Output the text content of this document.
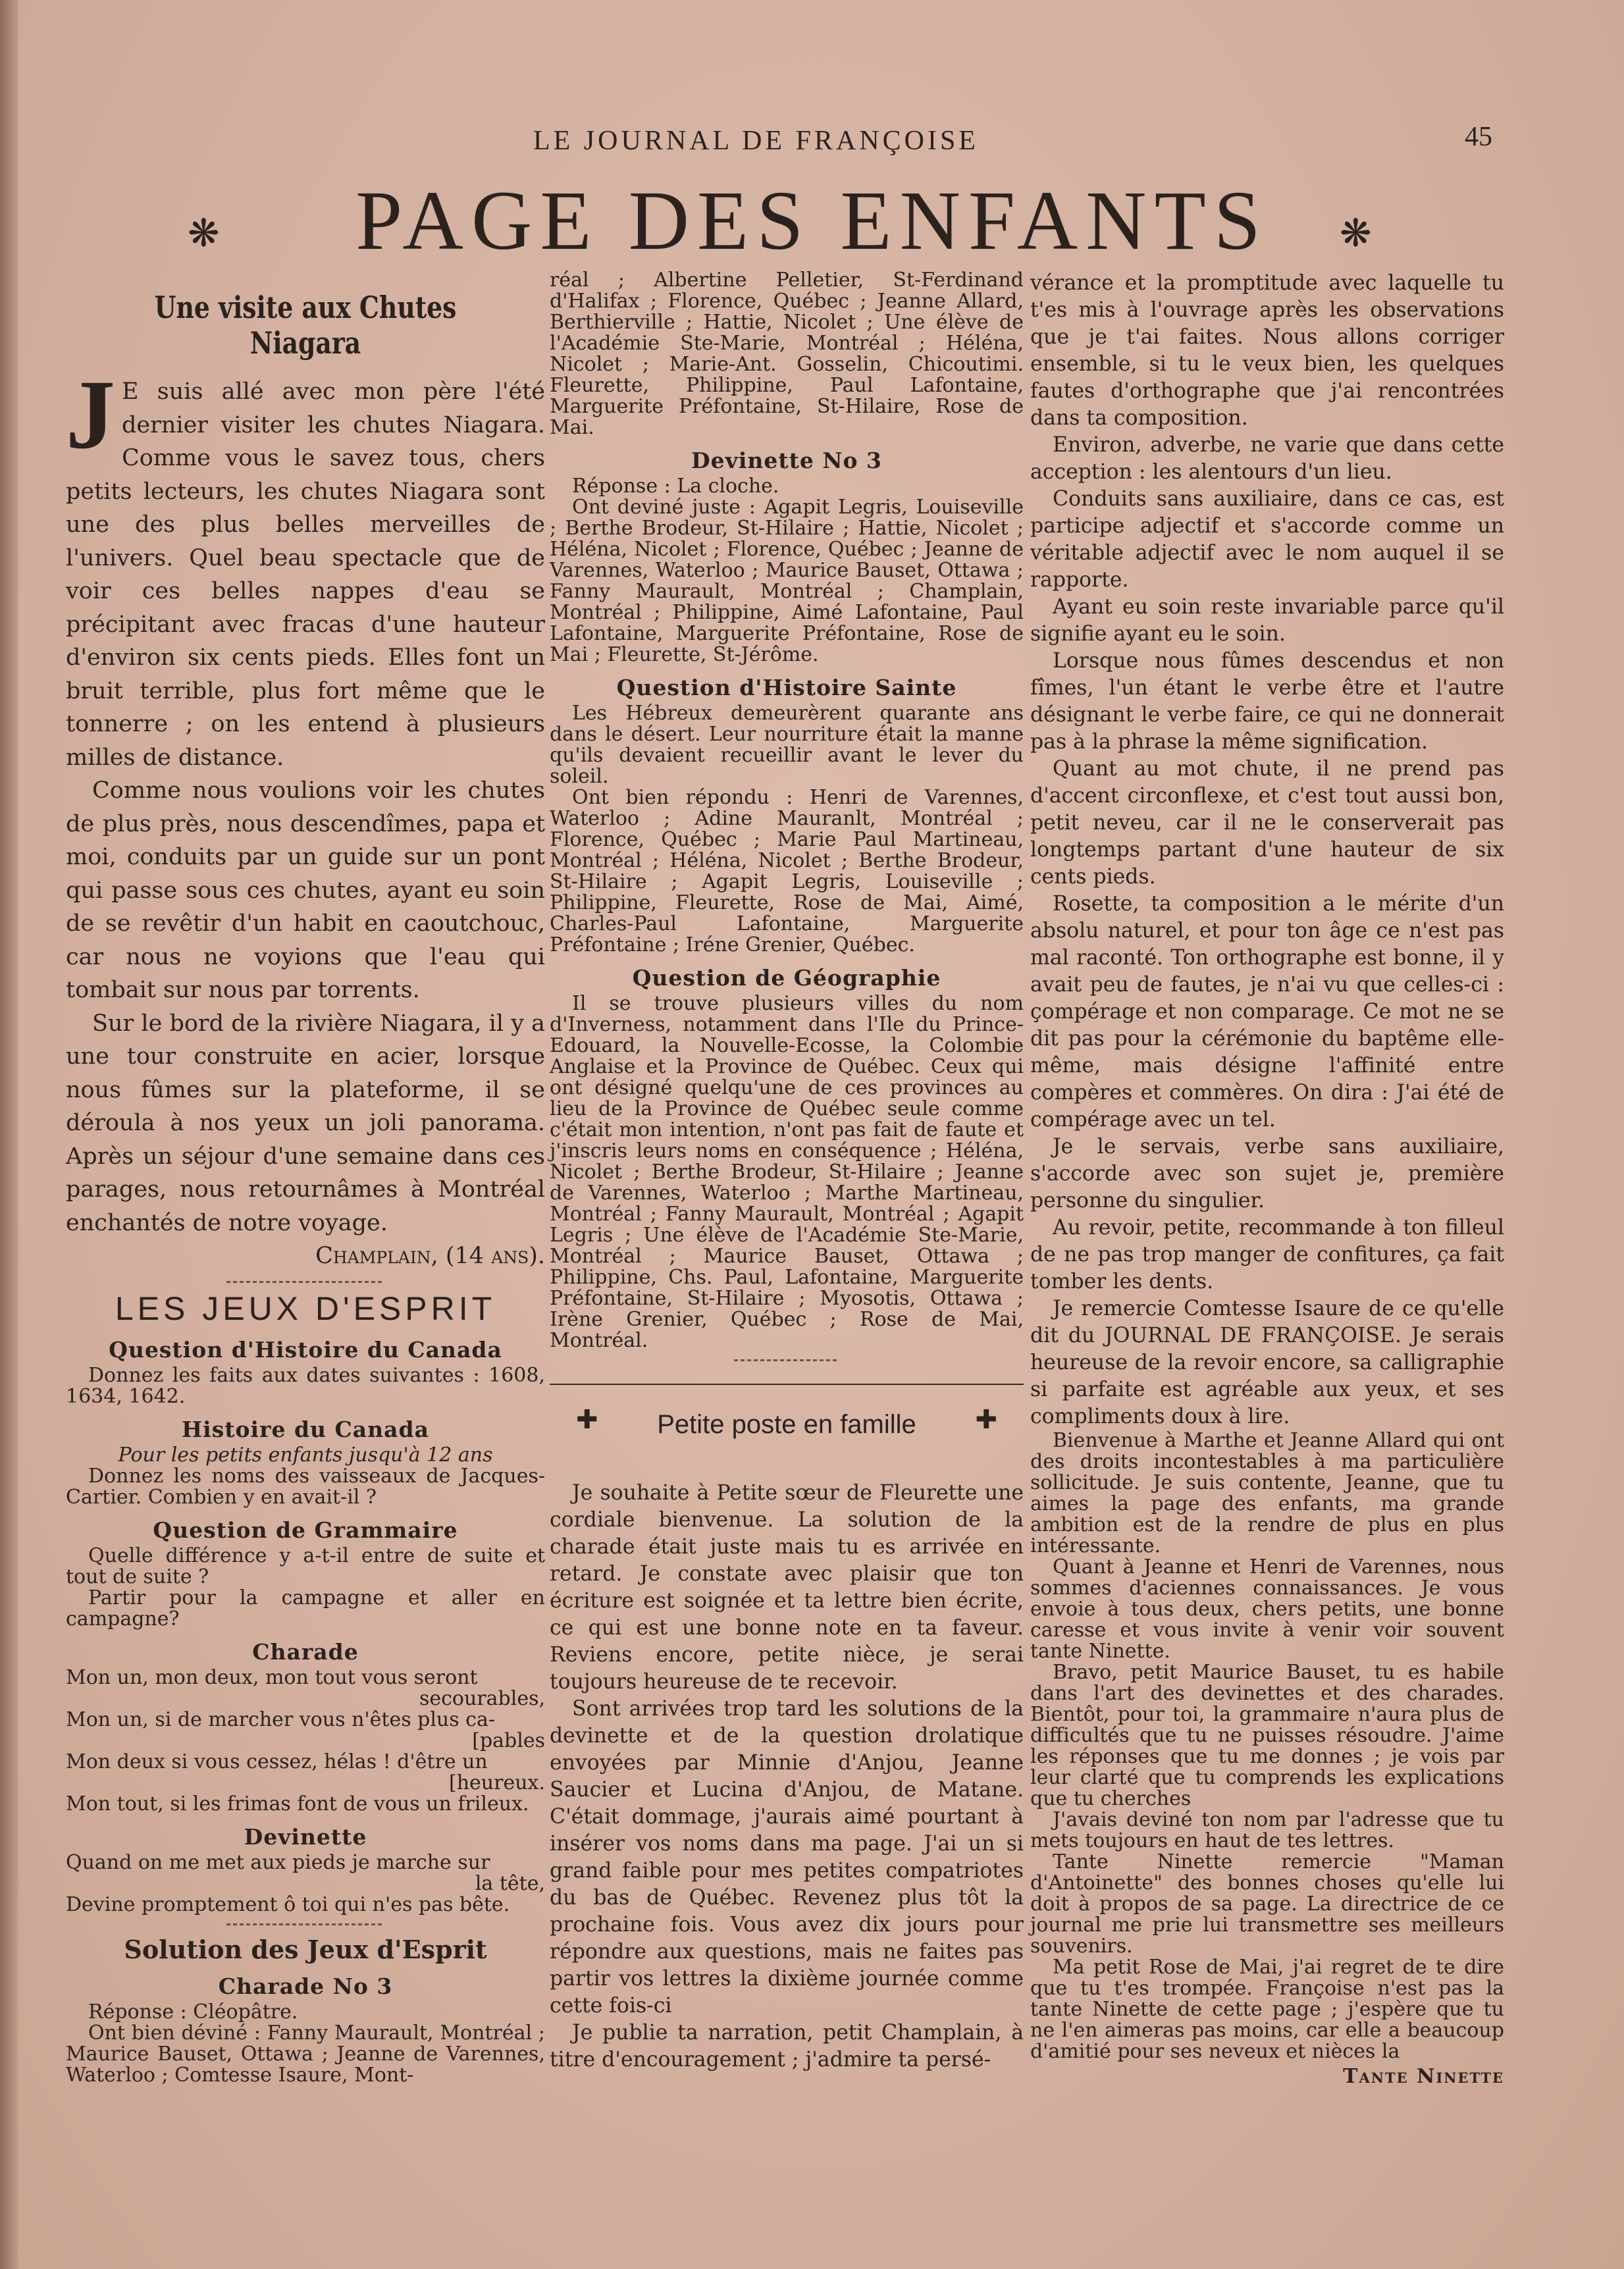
LE JOURNAL DE FRANÇOISE	45
❋	PAGE DES ENFANTS	❋
Une visite aux Chutes Niagara

J E suis allé avec mon père l'été dernier visiter les chutes Niagara. Comme vous le savez tous, chers petits lecteurs, les chutes Niagara sont une des plus belles merveilles de l'univers. Quel beau spectacle que de voir ces belles nappes d'eau se précipitant avec fracas d'une hauteur d'environ six cents pieds. Elles font un bruit terrible, plus fort même que le tonnerre ; on les entend à plusieurs milles de distance.

Comme nous voulions voir les chutes de plus près, nous descendîmes, papa et moi, conduits par un guide sur un pont qui passe sous ces chutes, ayant eu soin de se revêtir d'un habit en caoutchouc, car nous ne voyions que l'eau qui tombait sur nous par torrents.

Sur le bord de la rivière Niagara, il y a une tour construite en acier, lorsque nous fûmes sur la plateforme, il se déroula à nos yeux un joli panorama. Après un séjour d'une semaine dans ces parages, nous retournâmes à Montréal enchantés de notre voyage.

Champlain, (14 ans).

LES JEUX D'ESPRIT
Question d'Histoire du Canada

Donnez les faits aux dates suivantes : 1608, 1634, 1642.

Histoire du Canada

Pour les petits enfants jusqu'à 12 ans

Donnez les noms des vaisseaux de Jacques-Cartier. Combien y en avait-il ?

Question de Grammaire

Quelle différence y a-t-il entre de suite et tout de suite ?

Partir pour la campagne et aller en campagne?

Charade

Mon un, mon deux, mon tout vous seront

secourables,

Mon un, si de marcher vous n'êtes plus ca-

[pables

Mon deux si vous cessez, hélas ! d'être un

[heureux.

Mon tout, si les frimas font de vous un frileux.

Devinette

Quand on me met aux pieds je marche sur

la tête,

Devine promptement ô toi qui n'es pas bête.

Solution des Jeux d'Esprit
Charade No 3

Réponse : Cléopâtre.

Ont bien déviné : Fanny Maurault, Montréal ; Maurice Bauset, Ottawa ; Jeanne de Varennes, Waterloo ; Comtesse Isaure, Mont-

réal ; Albertine Pelletier, St-Ferdinand d'Halifax ; Florence, Québec ; Jeanne Allard, Berthierville ; Hattie, Nicolet ; Une élève de l'Académie Ste-Marie, Montréal ; Héléna, Nicolet ; Marie-Ant. Gosselin, Chicoutimi. Fleurette, Philippine, Paul Lafontaine, Marguerite Préfontaine, St-Hilaire, Rose de Mai.

Devinette No 3

Réponse : La cloche.

Ont deviné juste : Agapit Legris, Louiseville ; Berthe Brodeur, St-Hilaire ; Hattie, Nicolet ; Héléna, Nicolet ; Florence, Québec ; Jeanne de Varennes, Waterloo ; Maurice Bauset, Ottawa ; Fanny Maurault, Montréal ; Champlain, Montréal ; Philippine, Aimé Lafontaine, Paul Lafontaine, Marguerite Préfontaine, Rose de Mai ; Fleurette, St-Jérôme.

Question d'Histoire Sainte

Les Hébreux demeurèrent quarante ans dans le désert. Leur nourriture était la manne qu'ils devaient recueillir avant le lever du soleil.

Ont bien répondu : Henri de Varennes, Waterloo ; Adine Mauranlt, Montréal ; Florence, Québec ; Marie Paul Martineau, Montréal ; Héléna, Nicolet ; Berthe Brodeur, St-Hilaire ; Agapit Legris, Louiseville ; Philippine, Fleurette, Rose de Mai, Aimé, Charles-Paul Lafontaine, Marguerite Préfontaine ; Iréne Grenier, Québec.

Question de Géographie

Il se trouve plusieurs villes du nom d'Inverness, notamment dans l'Ile du Prince-Edouard, la Nouvelle-Ecosse, la Colombie Anglaise et la Province de Québec. Ceux qui ont désigné quelqu'une de ces provinces au lieu de la Province de Québec seule comme c'était mon intention, n'ont pas fait de faute et j'inscris leurs noms en conséquence ; Héléna, Nicolet ; Berthe Brodeur, St-Hilaire ; Jeanne de Varennes, Waterloo ; Marthe Martineau, Montréal ; Fanny Maurault, Montréal ; Agapit Legris ; Une élève de l'Académie Ste-Marie, Montréal ; Maurice Bauset, Ottawa ; Philippine, Chs. Paul, Lafontaine, Marguerite Préfontaine, St-Hilaire ; Myosotis, Ottawa ; Irène Grenier, Québec ; Rose de Mai, Montréal.

✚	Petite poste en famille	✚

Je souhaite à Petite sœur de Fleurette une cordiale bienvenue. La solution de la charade était juste mais tu es arrivée en retard. Je constate avec plaisir que ton écriture est soignée et ta lettre bien écrite, ce qui est une bonne note en ta faveur. Reviens encore, petite nièce, je serai toujours heureuse de te recevoir.

Sont arrivées trop tard les solutions de la devinette et de la question drolatique envoyées par Minnie d'Anjou, Jeanne Saucier et Lucina d'Anjou, de Matane. C'était dommage, j'aurais aimé pourtant à insérer vos noms dans ma page. J'ai un si grand faible pour mes petites compatriotes du bas de Québec. Revenez plus tôt la prochaine fois. Vous avez dix jours pour répondre aux questions, mais ne faites pas partir vos lettres la dixième journée comme cette fois-ci

Je publie ta narration, petit Champlain, à titre d'encouragement ; j'admire ta persé-

vérance et la promptitude avec laquelle tu t'es mis à l'ouvrage après les observations que je t'ai faites. Nous allons corriger ensemble, si tu le veux bien, les quelques fautes d'orthographe que j'ai rencontrées dans ta composition.

Environ, adverbe, ne varie que dans cette acception : les alentours d'un lieu.

Conduits sans auxiliaire, dans ce cas, est participe adjectif et s'accorde comme un véritable adjectif avec le nom auquel il se rapporte.

Ayant eu soin reste invariable parce qu'il signifie ayant eu le soin.

Lorsque nous fûmes descendus et non fîmes, l'un étant le verbe être et l'autre désignant le verbe faire, ce qui ne donnerait pas à la phrase la même signification.

Quant au mot chute, il ne prend pas d'accent circonflexe, et c'est tout aussi bon, petit neveu, car il ne le conserverait pas longtemps partant d'une hauteur de six cents pieds.

Rosette, ta composition a le mérite d'un absolu naturel, et pour ton âge ce n'est pas mal raconté. Ton orthographe est bonne, il y avait peu de fautes, je n'ai vu que celles-ci : çompérage et non comparage. Ce mot ne se dit pas pour la cérémonie du baptême elle-même, mais désigne l'affinité entre compères et commères. On dira : J'ai été de compérage avec un tel.

Je le servais, verbe sans auxiliaire, s'accorde avec son sujet je, première personne du singulier.

Au revoir, petite, recommande à ton filleul de ne pas trop manger de confitures, ça fait tomber les dents.

Je remercie Comtesse Isaure de ce qu'elle dit du JOURNAL DE FRANÇOISE. Je serais heureuse de la revoir encore, sa calligraphie si parfaite est agréable aux yeux, et ses compliments doux à lire.

Bienvenue à Marthe et Jeanne Allard qui ont des droits incontestables à ma particulière sollicitude. Je suis contente, Jeanne, que tu aimes la page des enfants, ma grande ambition est de la rendre de plus en plus intéressante.

Quant à Jeanne et Henri de Varennes, nous sommes d'aciennes connaissances. Je vous envoie à tous deux, chers petits, une bonne caresse et vous invite à venir voir souvent tante Ninette.

Bravo, petit Maurice Bauset, tu es habile dans l'art des devinettes et des charades. Bientôt, pour toi, la grammaire n'aura plus de difficultés que tu ne puisses résoudre. J'aime les réponses que tu me donnes ; je vois par leur clarté que tu comprends les explications que tu cherches

J'avais deviné ton nom par l'adresse que tu mets toujours en haut de tes lettres.

Tante Ninette remercie "Maman d'Antoinette" des bonnes choses qu'elle lui doit à propos de sa page. La directrice de ce journal me prie lui transmettre ses meilleurs souvenirs.

Ma petit Rose de Mai, j'ai regret de te dire que tu t'es trompée. Françoise n'est pas la tante Ninette de cette page ; j'espère que tu ne l'en aimeras pas moins, car elle a beaucoup d'amitié pour ses neveux et nièces la

Tante Ninette
